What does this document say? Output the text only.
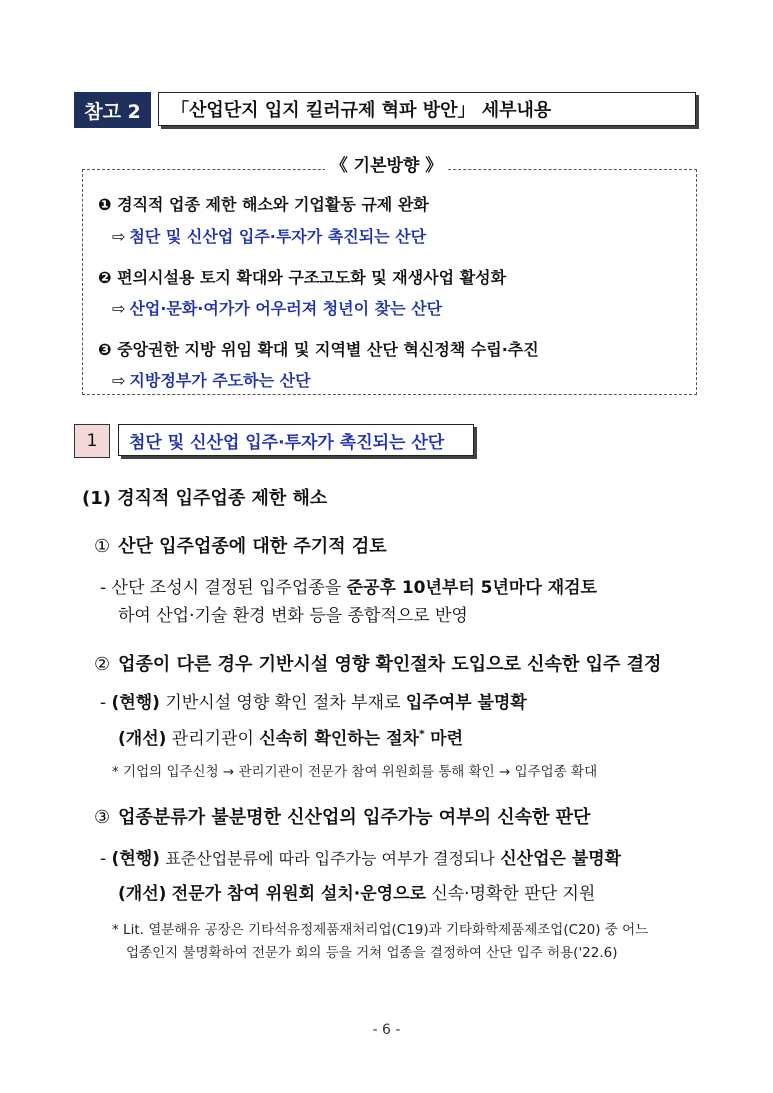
참고 2	「산업단지 입지 킬러규제 혁파 방안」 세부내용
《 기본방향 》
❶ 경직적 업종 제한 해소와 기업활동 규제 완화
⇨ 첨단 및 신산업 입주·투자가 촉진되는 산단
❷ 편의시설용 토지 확대와 구조고도화 및 재생사업 활성화
⇨ 산업·문화·여가가 어우러져 청년이 찾는 산단
❸ 중앙권한 지방 위임 확대 및 지역별 산단 혁신정책 수립·추진
⇨ 지방정부가 주도하는 산단
1	첨단 및 신산업 입주·투자가 촉진되는 산단
(1) 경직적 입주업종 제한 해소
① 산단 입주업종에 대한 주기적 검토
- 산단 조성시 결정된 입주업종을 준공후 10년부터 5년마다 재검토
하여 산업·기술 환경 변화 등을 종합적으로 반영
② 업종이 다른 경우 기반시설 영향 확인절차 도입으로 신속한 입주 결정
- (현행) 기반시설 영향 확인 절차 부재로 입주여부 불명확
(개선) 관리기관이 신속히 확인하는 절차* 마련
* 기업의 입주신청 → 관리기관이 전문가 참여 위원회를 통해 확인 → 입주업종 확대
③ 업종분류가 불분명한 신산업의 입주가능 여부의 신속한 판단
- (현행) 표준산업분류에 따라 입주가능 여부가 결정되나 신산업은 불명확
(개선) 전문가 참여 위원회 설치·운영으로 신속·명확한 판단 지원
* Lit. 열분해유 공장은 기타석유정제품재처리업(C19)과 기타화학제품제조업(C20) 중 어느
업종인지 불명확하여 전문가 회의 등을 거쳐 업종을 결정하여 산단 입주 허용('22.6)
- 6 -
